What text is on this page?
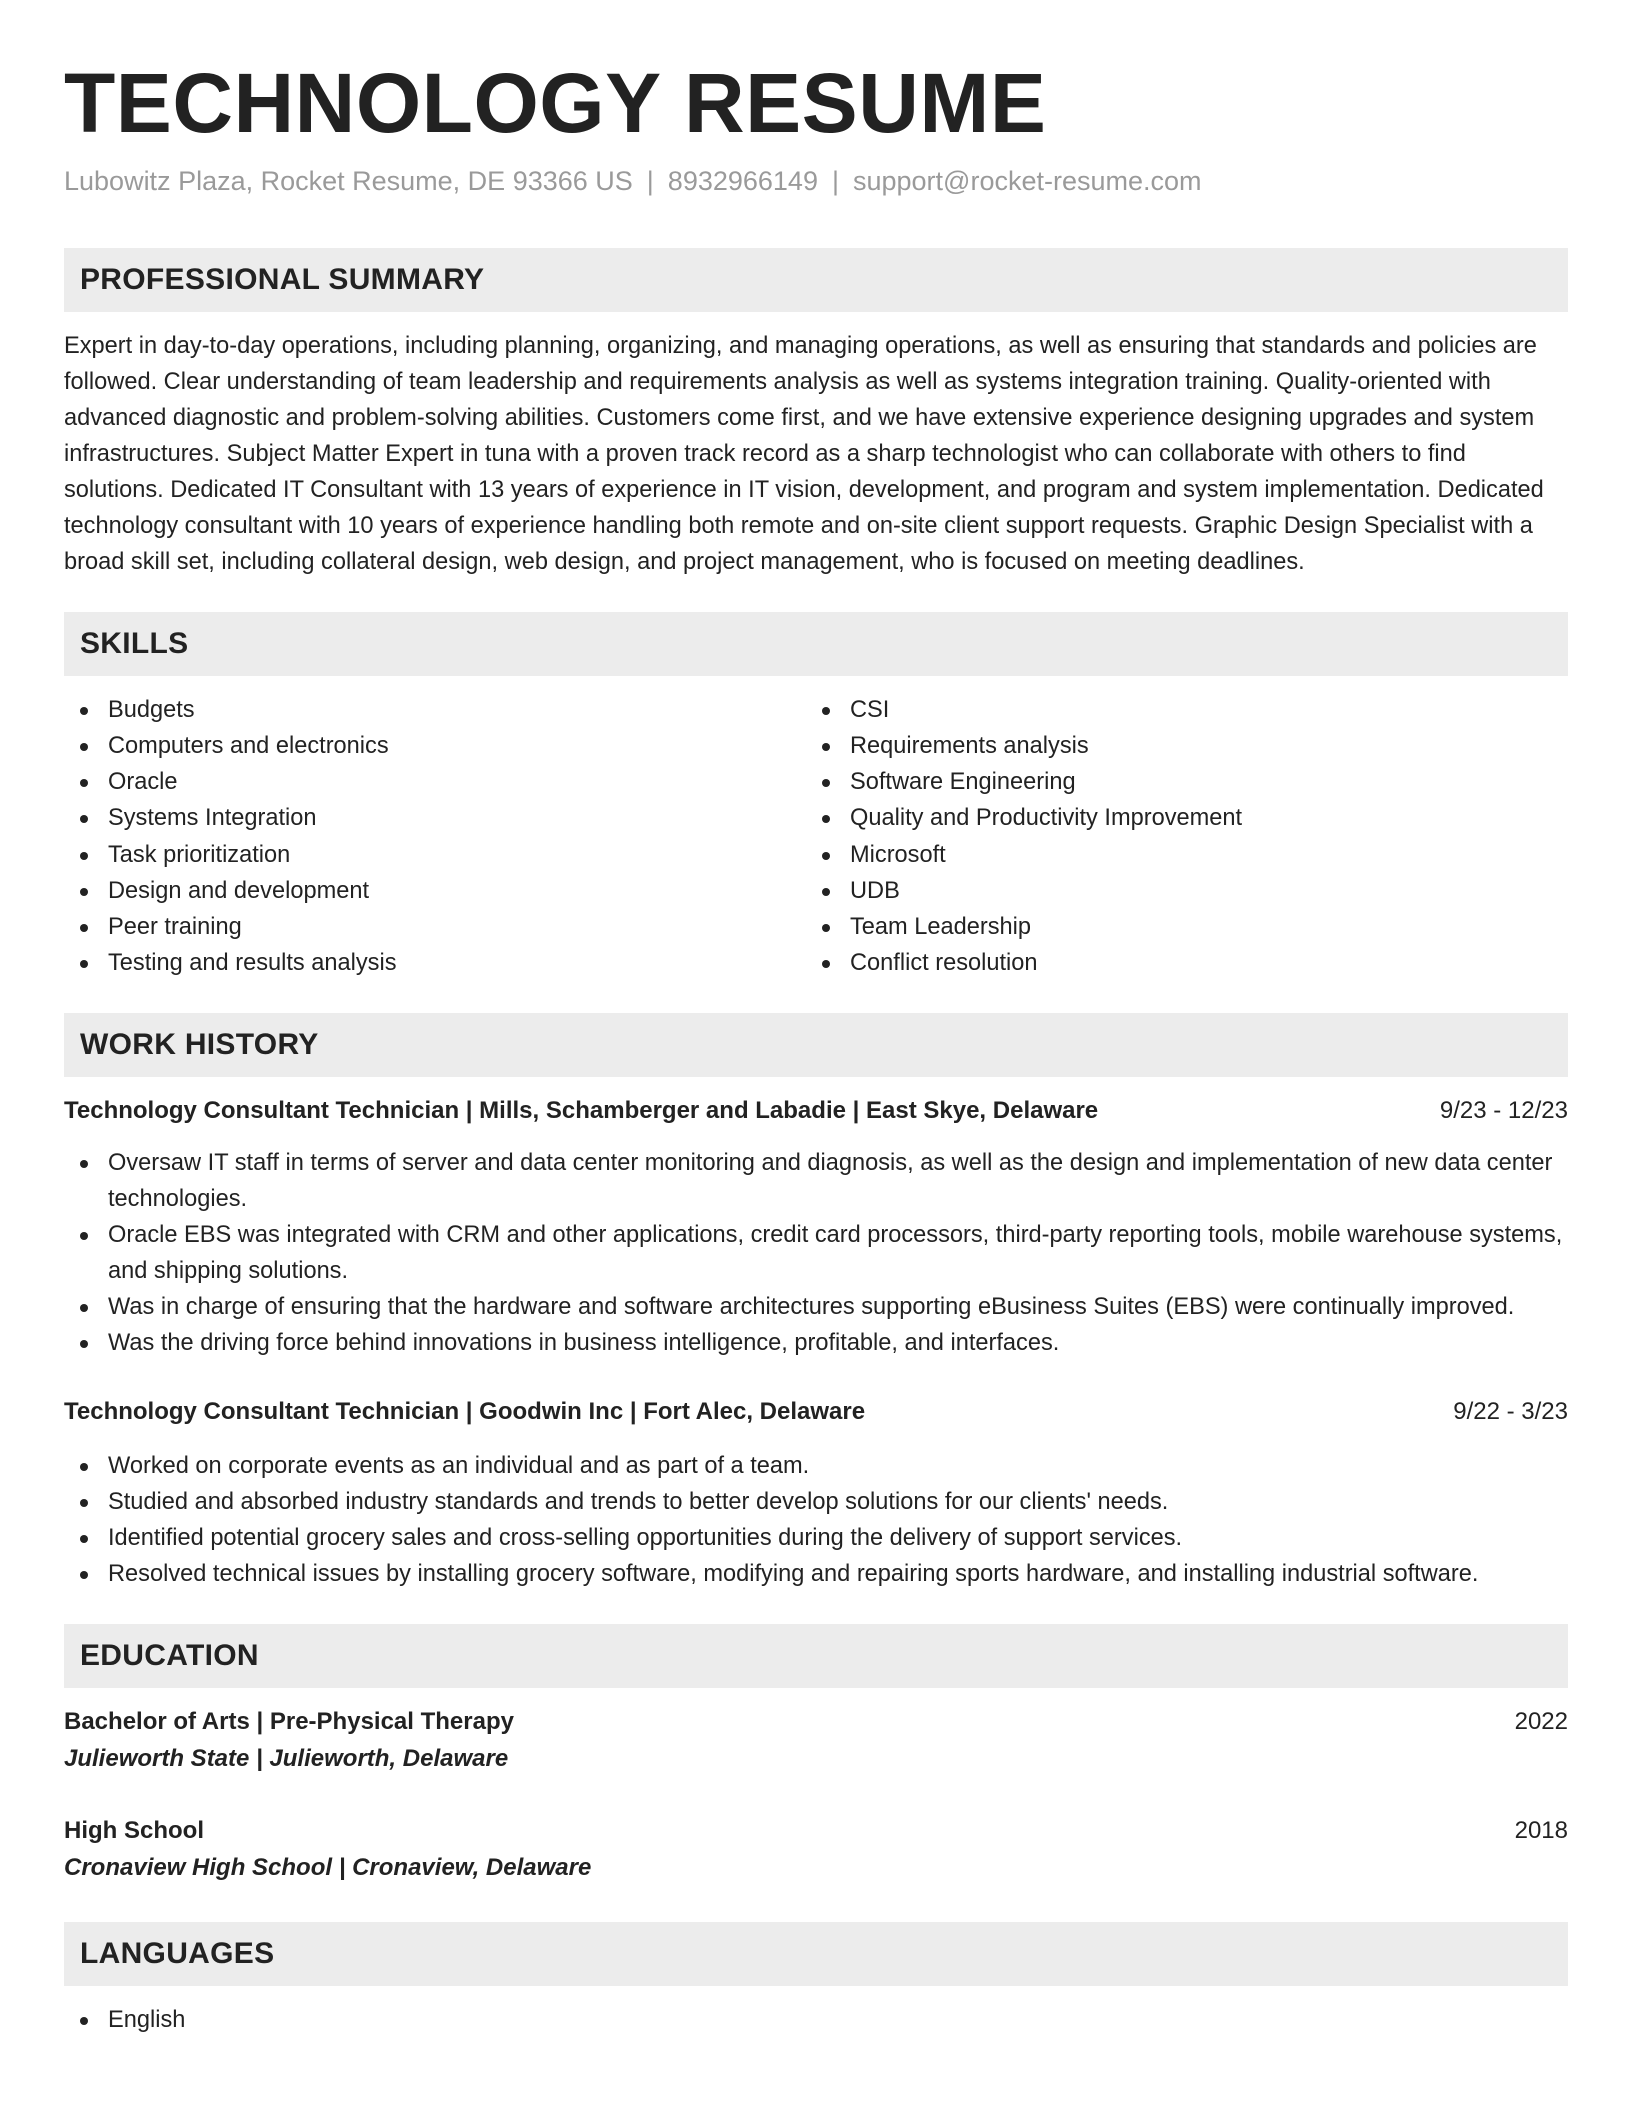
TECHNOLOGY RESUME
Lubowitz Plaza, Rocket Resume, DE 93366 US | 8932966149 | support@rocket-resume.com
PROFESSIONAL SUMMARY

Expert in day-to-day operations, including planning, organizing, and managing operations, as well as ensuring that standards and policies are followed. Clear understanding of team leadership and requirements analysis as well as systems integration training. Quality-oriented with advanced diagnostic and problem-solving abilities. Customers come first, and we have extensive experience designing upgrades and system infrastructures. Subject Matter Expert in tuna with a proven track record as a sharp technologist who can collaborate with others to find solutions. Dedicated IT Consultant with 13 years of experience in IT vision, development, and program and system implementation. Dedicated technology consultant with 10 years of experience handling both remote and on-site client support requests. Graphic Design Specialist with a broad skill set, including collateral design, web design, and project management, who is focused on meeting deadlines.

SKILLS
Budgets
Computers and electronics
Oracle
Systems Integration
Task prioritization
Design and development
Peer training
Testing and results analysis
CSI
Requirements analysis
Software Engineering
Quality and Productivity Improvement
Microsoft
UDB
Team Leadership
Conflict resolution
WORK HISTORY
Technology Consultant Technician | Mills, Schamberger and Labadie | East Skye, Delaware	9/23 - 12/23
Oversaw IT staff in terms of server and data center monitoring and diagnosis, as well as the design and implementation of new data center technologies.
Oracle EBS was integrated with CRM and other applications, credit card processors, third-party reporting tools, mobile warehouse systems, and shipping solutions.
Was in charge of ensuring that the hardware and software architectures supporting eBusiness Suites (EBS) were continually improved.
Was the driving force behind innovations in business intelligence, profitable, and interfaces.
Technology Consultant Technician | Goodwin Inc | Fort Alec, Delaware	9/22 - 3/23
Worked on corporate events as an individual and as part of a team.
Studied and absorbed industry standards and trends to better develop solutions for our clients' needs.
Identified potential grocery sales and cross-selling opportunities during the delivery of support services.
Resolved technical issues by installing grocery software, modifying and repairing sports hardware, and installing industrial software.
EDUCATION
Bachelor of Arts | Pre-Physical Therapy	2022
Julieworth State | Julieworth, Delaware
High School	2018
Cronaview High School | Cronaview, Delaware
LANGUAGES
English
